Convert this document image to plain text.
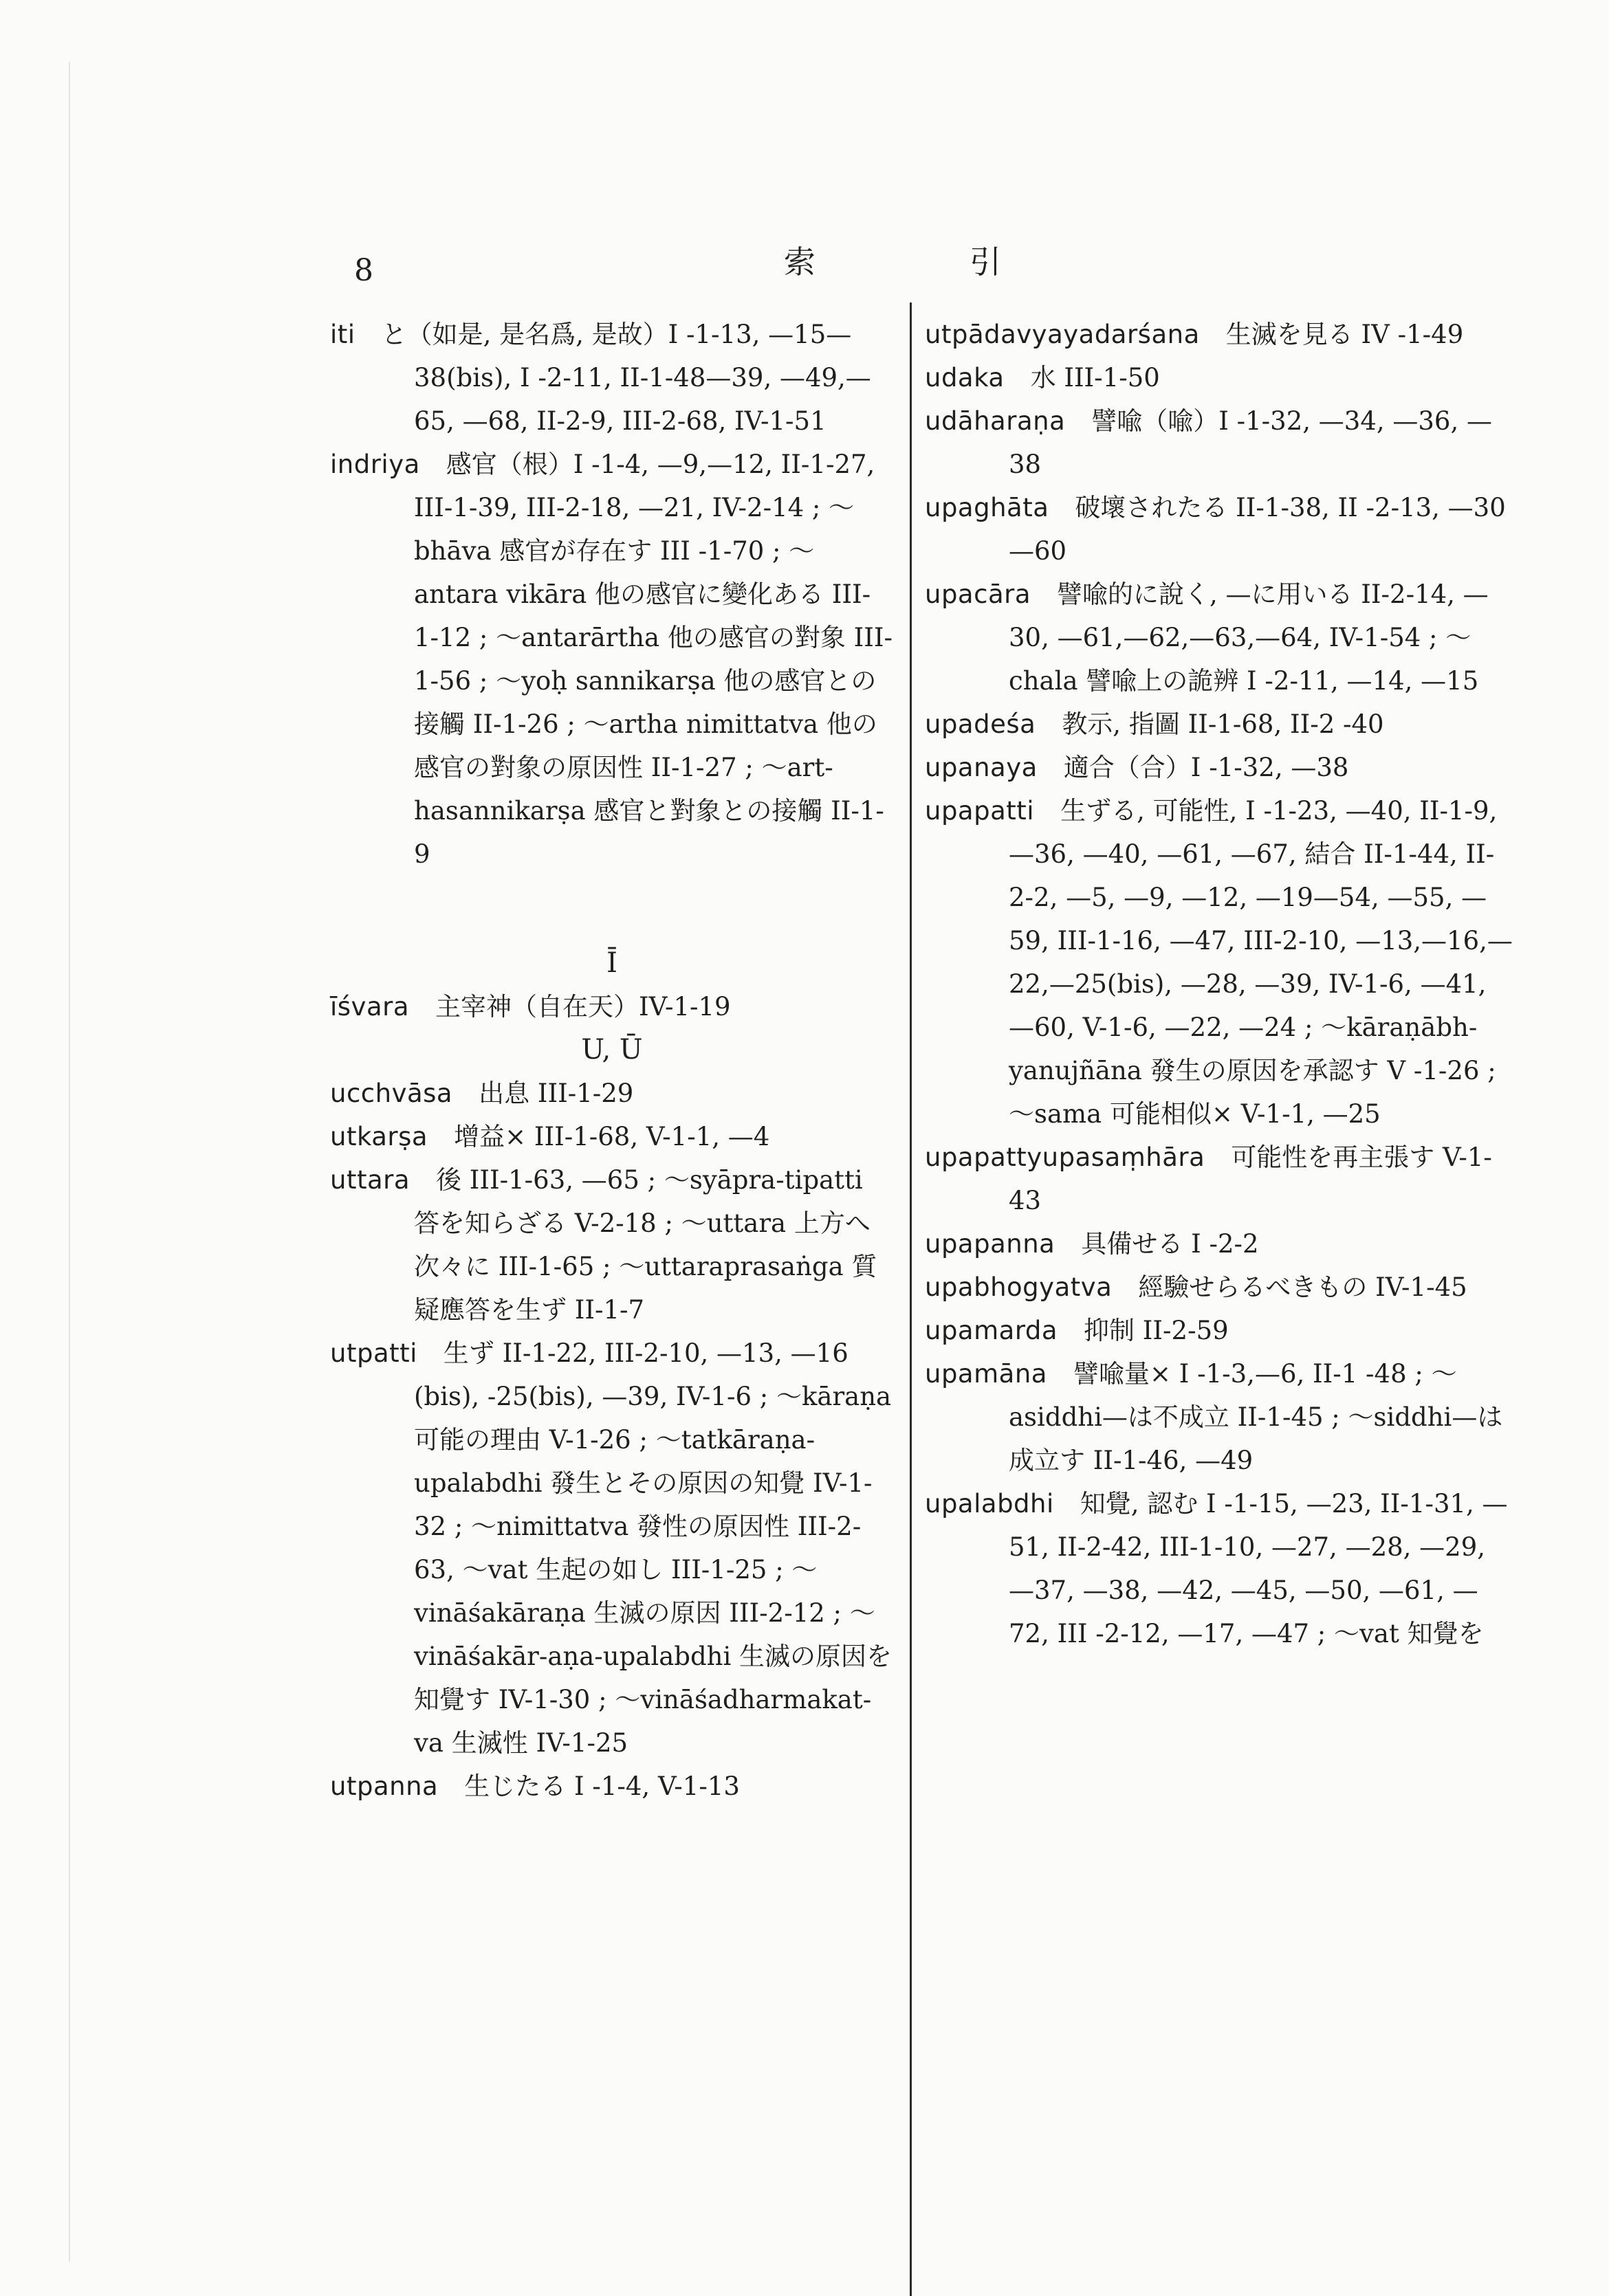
8	索	引

iti と（如是, 是名爲, 是故）I -1-13, —15—38(bis), I -2-11, II-1-48—39, —49,—65, —68, II-2-9, III-2-68, IV-1-51

indriya 感官（根）I -1-4, —9,—12, II-1-27, III-1-39, III-2-18, —21, IV-2-14 ; ～bhāva 感官が存在す III -1-70 ; ～ antara vikāra 他の感官に變化ある III-1-12 ; ～antarārtha 他の感官の對象 III-1-56 ; ～yoḥ sannikarṣa 他の感官との接觸 II-1-26 ; ～artha nimittatva 他の感官の對象の原因性 II-1-27 ; ～art-hasannikarṣa 感官と對象との接觸 II-1-9

Ī

īśvara 主宰神（自在天）IV-1-19

U, Ū

ucchvāsa 出息 III-1-29

utkarṣa 增益× III-1-68, V-1-1, —4

uttara 後 III-1-63, —65 ; ～syāpra-tipatti 答を知らざる V-2-18 ; ～uttara 上方へ次々に III-1-65 ; ～uttaraprasaṅga 質疑應答を生ず II-1-7

utpatti 生ず II-1-22, III-2-10, —13, —16 (bis), -25(bis), —39, IV-1-6 ; ～kāraṇa 可能の理由 V-1-26 ; ～tatkāraṇa-upalabdhi 發生とその原因の知覺 IV-1-32 ; ～nimittatva 發性の原因性 III-2-63, ～vat 生起の如し III-1-25 ; ～vināśakāraṇa 生滅の原因 III-2-12 ; ～vināśakār-aṇa-upalabdhi 生滅の原因を知覺す IV-1-30 ; ～vināśadharmakat-va 生滅性 IV-1-25

utpanna 生じたる I -1-4, V-1-13

utpādavyayadarśana 生滅を見る IV -1-49

udaka 水 III-1-50

udāharaṇa 譬喩（喩）I -1-32, —34, —36, —38

upaghāta 破壞されたる II-1-38, II -2-13, —30—60

upacāra 譬喩的に說く, —に用いる II-2-14, —30, —61,—62,—63,—64, IV-1-54 ; ～chala 譬喩上の詭辨 I -2-11, —14, —15

upadeśa 教示, 指圖 II-1-68, II-2 -40

upanaya 適合（合）I -1-32, —38

upapatti 生ずる, 可能性, I -1-23, —40, II-1-9, —36, —40, —61, —67, 結合 II-1-44, II-2-2, —5, —9, —12, —19—54, —55, —59, III-1-16, —47, III-2-10, —13,—16,—22,—25(bis), —28, —39, IV-1-6, —41, —60, V-1-6, —22, —24 ; ～kāraṇābh-yanujñāna 發生の原因を承認す V -1-26 ; ～sama 可能相似× V-1-1, —25

upapattyupasaṃhāra 可能性を再主張す V-1-43

upapanna 具備せる I -2-2

upabhogyatva 經驗せらるべきもの IV-1-45

upamarda 抑制 II-2-59

upamāna 譬喩量× I -1-3,—6, II-1 -48 ; ～asiddhi—は不成立 II-1-45 ; ～siddhi—は成立す II-1-46, —49

upalabdhi 知覺, 認む I -1-15, —23, II-1-31, —51, II-2-42, III-1-10, —27, —28, —29, —37, —38, —42, —45, —50, —61, —72, III -2-12, —17, —47 ; ～vat 知覺を
